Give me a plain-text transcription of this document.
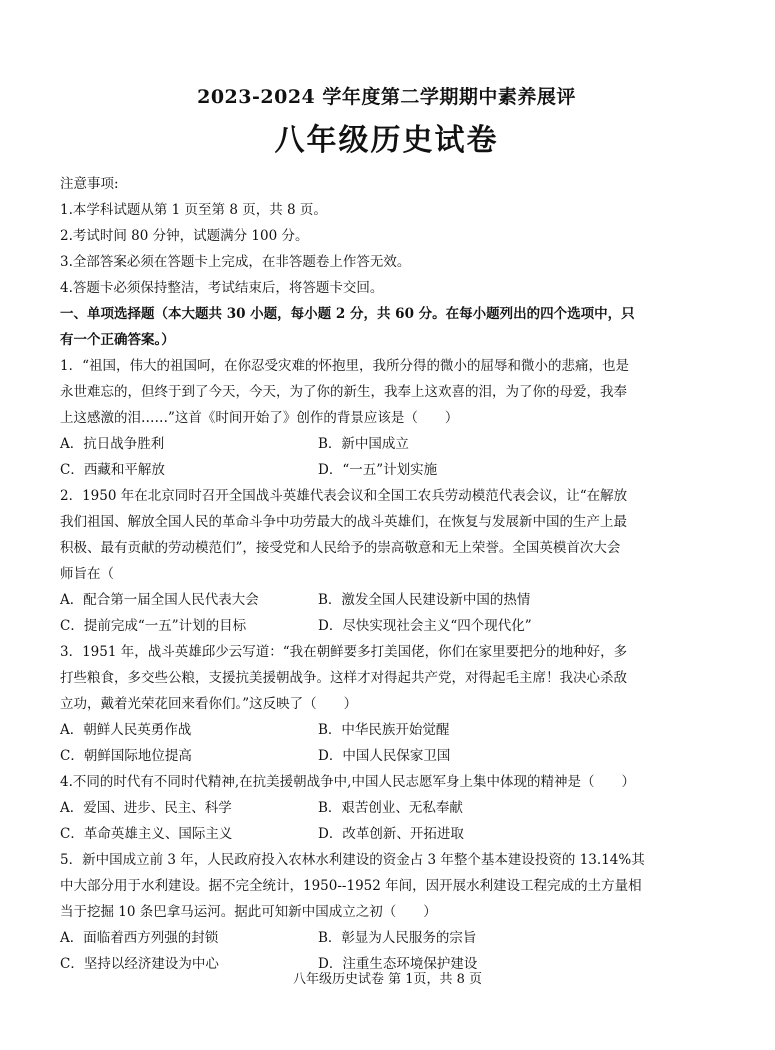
2023-2024 学年度第二学期期中素养展评
八年级历史试卷

注意事项:

1.本学科试题从第 1 页至第 8 页，共 8 页。

2.考试时间 80 分钟，试题满分 100 分。

3.全部答案必须在答题卡上完成，在非答题卷上作答无效。

4.答题卡必须保持整洁，考试结束后，将答题卡交回。

一、单项选择题（本大题共 30 小题，每小题 2 分，共 60 分。在每小题列出的四个选项中，只

有一个正确答案。）

1．“祖国，伟大的祖国呵，在你忍受灾难的怀抱里，我所分得的微小的屈辱和微小的悲痛，也是

永世难忘的，但终于到了今天，今天，为了你的新生，我奉上这欢喜的泪，为了你的母爱，我奉

上这感激的泪……”这首《时间开始了》创作的背景应该是（　　）

A．抗日战争胜利	B．新中国成立
C．西藏和平解放	D．“一五”计划实施

2．1950 年在北京同时召开全国战斗英雄代表会议和全国工农兵劳动模范代表会议，让“在解放

我们祖国、解放全国人民的革命斗争中功劳最大的战斗英雄们，在恢复与发展新中国的生产上最

积极、最有贡献的劳动模范们”，接受党和人民给予的崇高敬意和无上荣誉。全国英模首次大会

师旨在（

A．配合第一届全国人民代表大会	B．激发全国人民建设新中国的热情
C．提前完成“一五”计划的目标	D．尽快实现社会主义“四个现代化”

3．1951 年，战斗英雄邱少云写道：“我在朝鲜要多打美国佬，你们在家里要把分的地种好，多

打些粮食，多交些公粮，支援抗美援朝战争。这样才对得起共产党，对得起毛主席！我决心杀敌

立功，戴着光荣花回来看你们。”这反映了（　　）

A．朝鲜人民英勇作战	B．中华民族开始觉醒
C．朝鲜国际地位提高	D．中国人民保家卫国

4.不同的时代有不同时代精神,在抗美援朝战争中,中国人民志愿军身上集中体现的精神是（　　）

A．爱国、进步、民主、科学	B．艰苦创业、无私奉献
C．革命英雄主义、国际主义	D．改革创新、开拓进取

5．新中国成立前 3 年，人民政府投入农林水利建设的资金占 3 年整个基本建设投资的 13.14%其

中大部分用于水利建设。据不完全统计，1950--1952 年间，因开展水利建设工程完成的土方量相

当于挖掘 10 条巴拿马运河。据此可知新中国成立之初（　　）

A．面临着西方列强的封锁	B．彰显为人民服务的宗旨
C．坚持以经济建设为中心	D．注重生态环境保护建设
八年级历史试卷 第 1页，共 8 页
